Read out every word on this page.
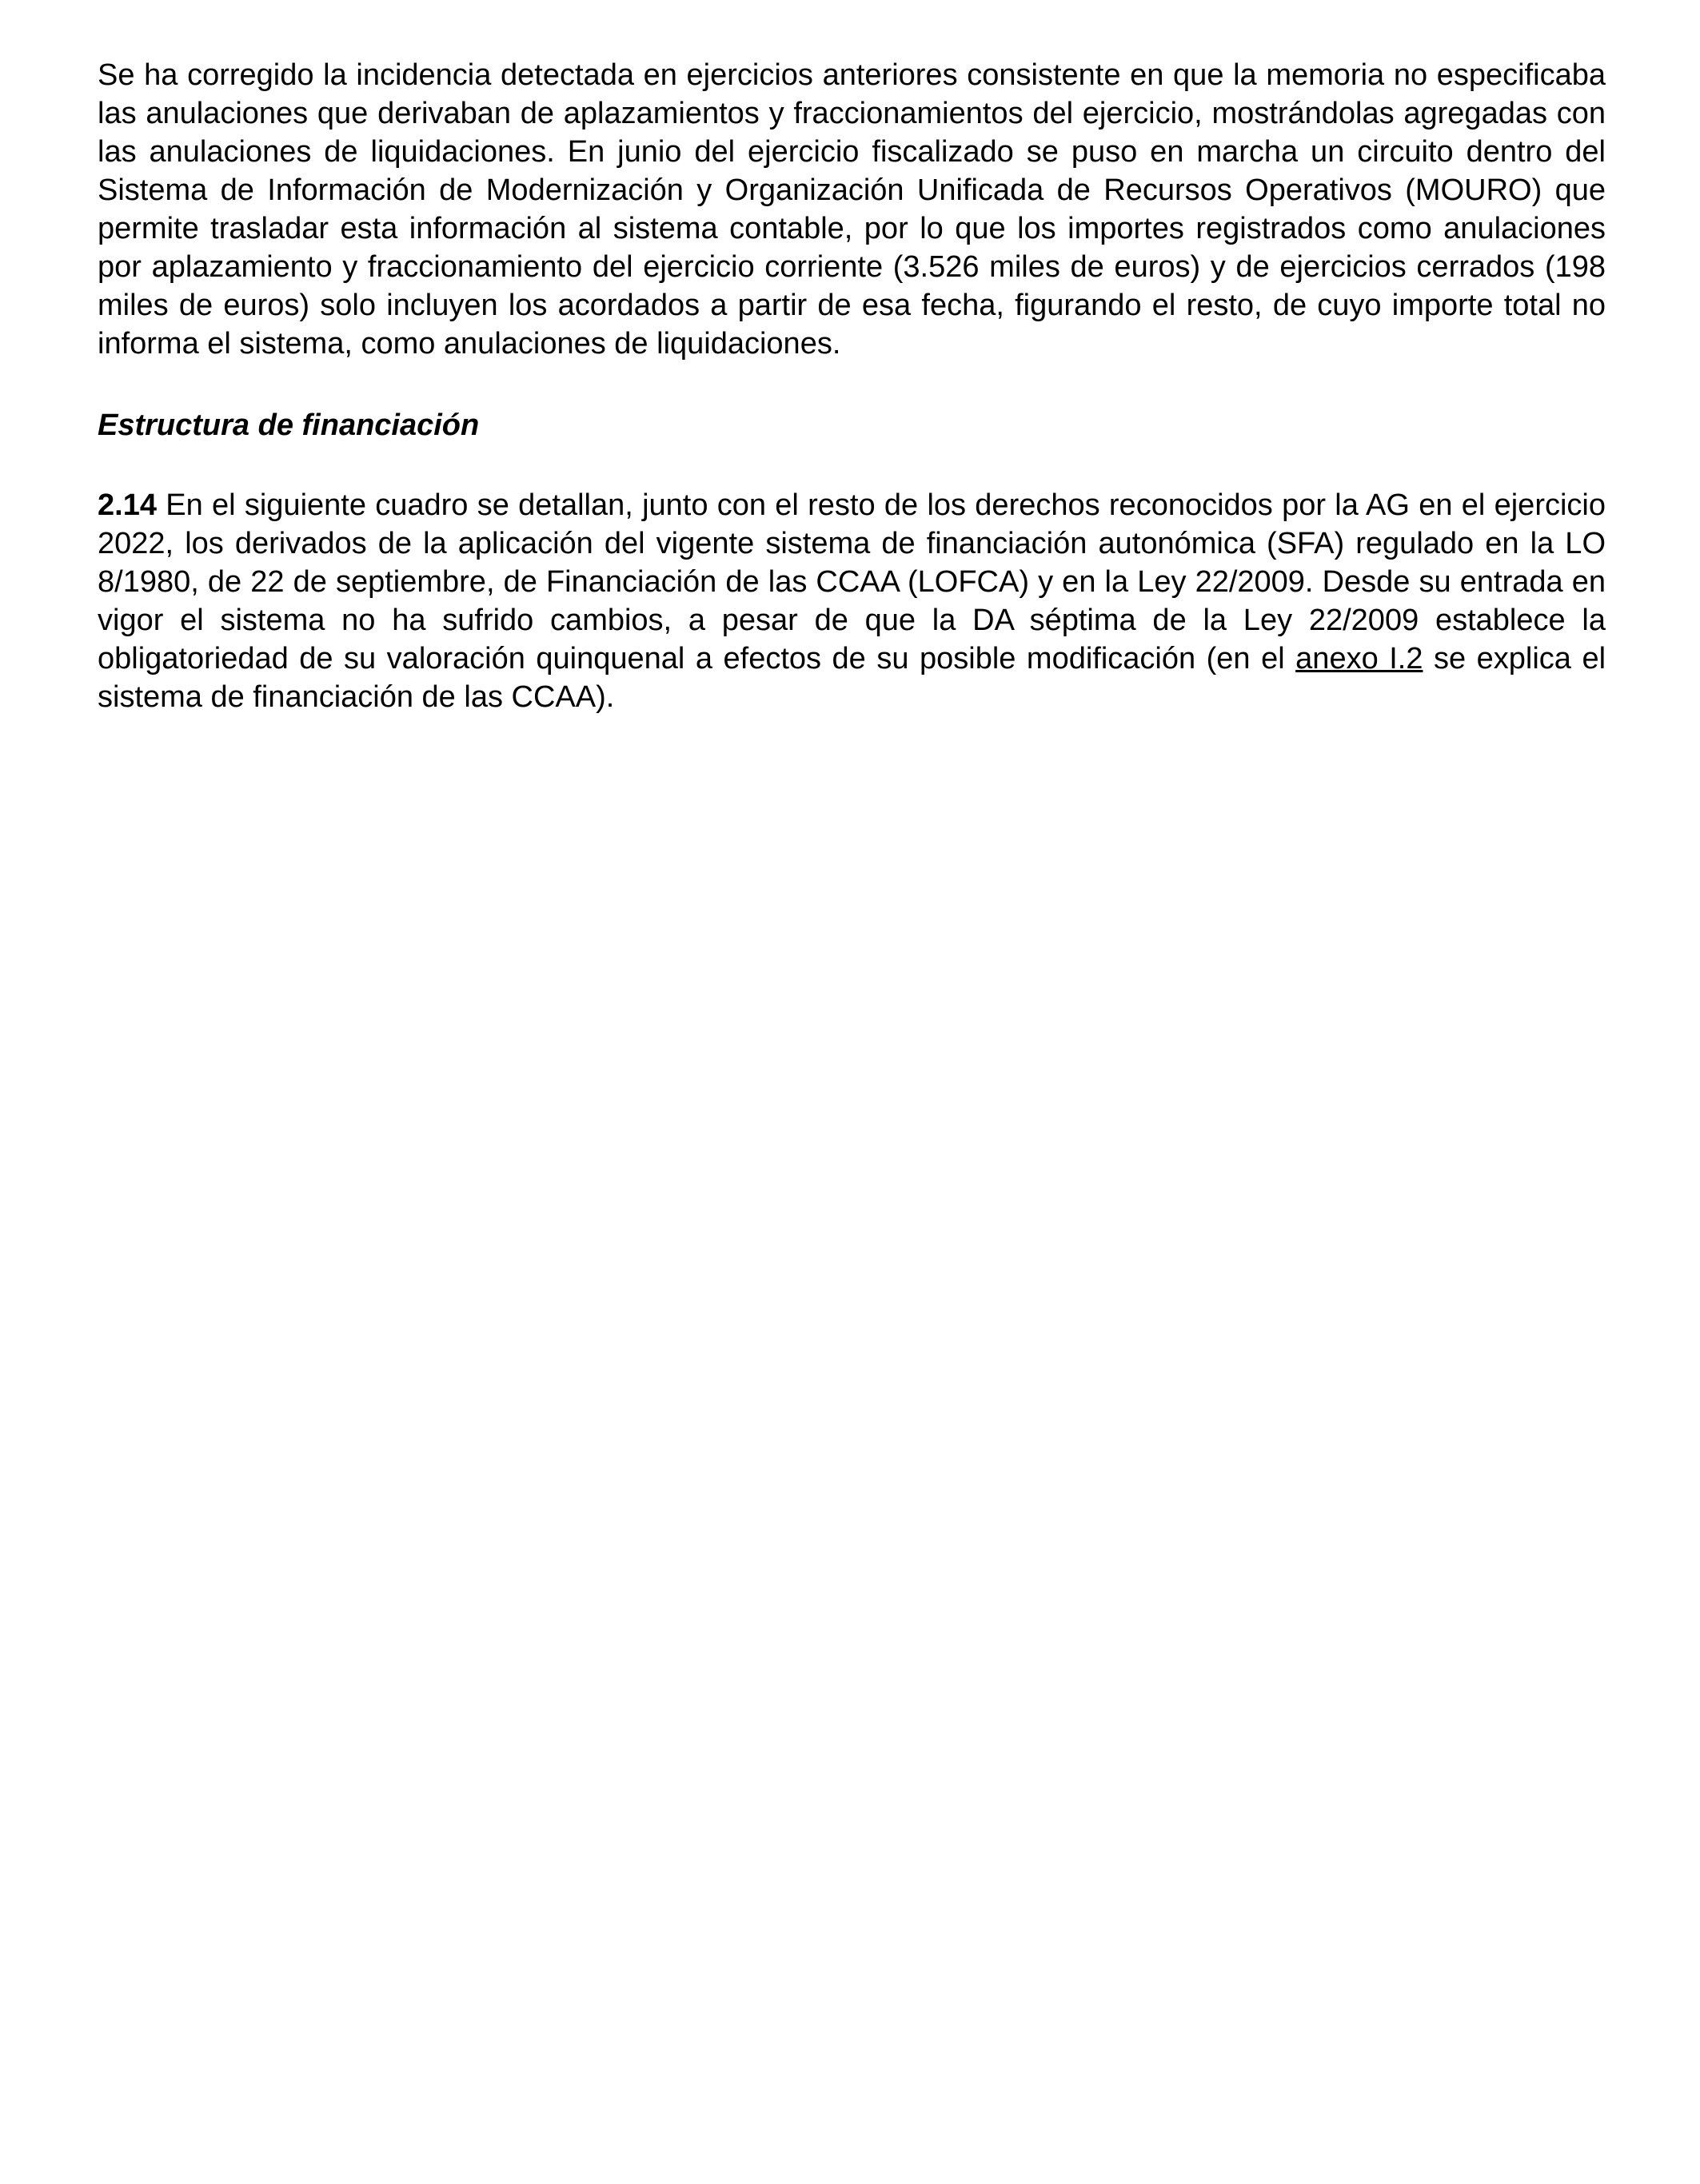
Se ha corregido la incidencia detectada en ejercicios anteriores consistente en que la memoria no especificaba las anulaciones que derivaban de aplazamientos y fraccionamientos del ejercicio, mostrándolas agregadas con las anulaciones de liquidaciones. En junio del ejercicio fiscalizado se puso en marcha un circuito dentro del Sistema de Información de Modernización y Organización Unificada de Recursos Operativos (MOURO) que permite trasladar esta información al sistema contable, por lo que los importes registrados como anulaciones por aplazamiento y fraccionamiento del ejercicio corriente (3.526 miles de euros) y de ejercicios cerrados (198 miles de euros) solo incluyen los acordados a partir de esa fecha, figurando el resto, de cuyo importe total no informa el sistema, como anulaciones de liquidaciones.

Estructura de financiación

2.14 En el siguiente cuadro se detallan, junto con el resto de los derechos reconocidos por la AG en el ejercicio 2022, los derivados de la aplicación del vigente sistema de financiación autonómica (SFA) regulado en la LO 8/1980, de 22 de septiembre, de Financiación de las CCAA (LOFCA) y en la Ley 22/2009. Desde su entrada en vigor el sistema no ha sufrido cambios, a pesar de que la DA séptima de la Ley 22/2009 establece la obligatoriedad de su valoración quinquenal a efectos de su posible modificación (en el anexo I.2 se explica el sistema de financiación de las CCAA).
